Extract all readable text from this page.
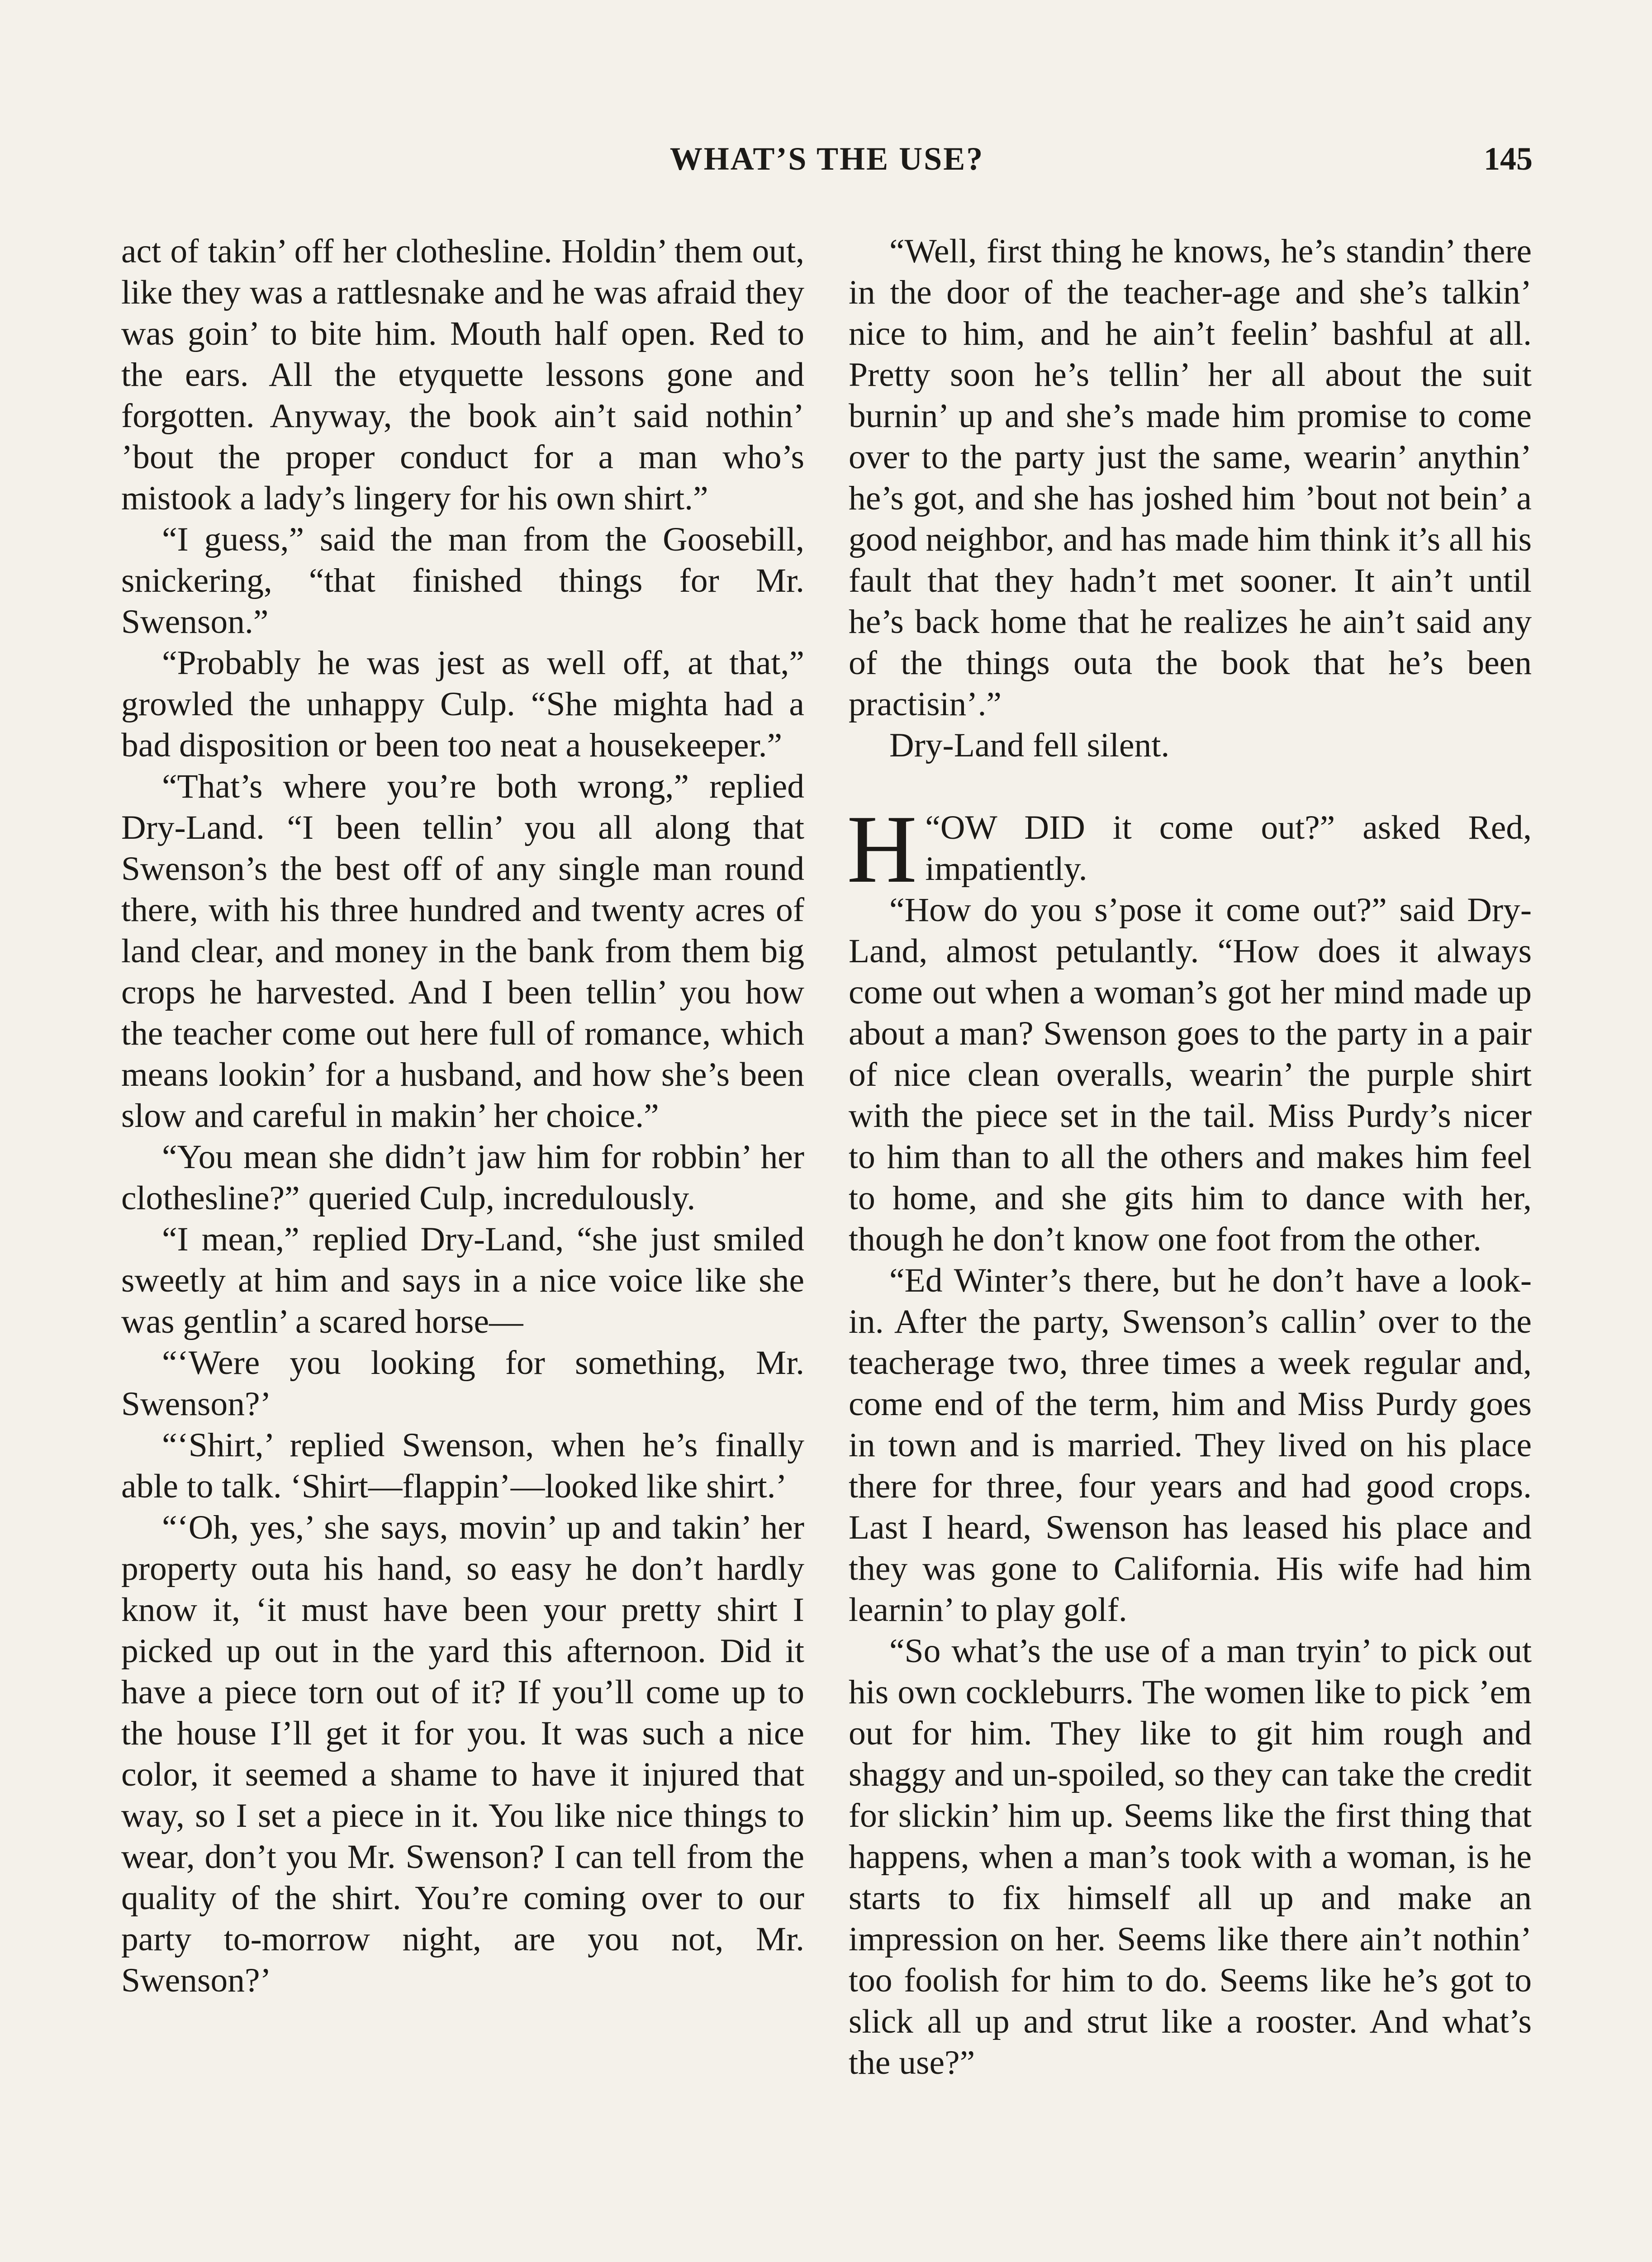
WHAT’S THE USE?	145

act of takin’ off her clothesline. Holdin’ them out, like they was a rattlesnake and he was afraid they was goin’ to bite him. Mouth half open. Red to the ears. All the etyquette lessons gone and forgotten. Anyway, the book ain’t said nothin’ ’bout the proper conduct for a man who’s mistook a lady’s lingery for his own shirt.”

“I guess,” said the man from the Goosebill, snickering, “that finished things for Mr. Swenson.”

“Probably he was jest as well off, at that,” growled the unhappy Culp. “She mighta had a bad disposition or been too neat a housekeeper.”

“That’s where you’re both wrong,” replied Dry-Land. “I been tellin’ you all along that Swenson’s the best off of any single man round there, with his three hundred and twenty acres of land clear, and money in the bank from them big crops he harvested. And I been tellin’ you how the teacher come out here full of romance, which means lookin’ for a husband, and how she’s been slow and careful in makin’ her choice.”

“You mean she didn’t jaw him for robbin’ her clothesline?” queried Culp, incredulously.

“I mean,” replied Dry-Land, “she just smiled sweetly at him and says in a nice voice like she was gentlin’ a scared horse—

“‘Were you looking for something, Mr. Swenson?’

“‘Shirt,’ replied Swenson, when he’s finally able to talk. ‘Shirt—flappin’—looked like shirt.’

“‘Oh, yes,’ she says, movin’ up and takin’ her property outa his hand, so easy he don’t hardly know it, ‘it must have been your pretty shirt I picked up out in the yard this afternoon. Did it have a piece torn out of it? If you’ll come up to the house I’ll get it for you. It was such a nice color, it seemed a shame to have it injured that way, so I set a piece in it. You like nice things to wear, don’t you Mr. Swenson? I can tell from the quality of the shirt. You’re coming over to our party to-morrow night, are you not, Mr. Swenson?’

“Well, first thing he knows, he’s standin’ there in the door of the teacher-age and she’s talkin’ nice to him, and he ain’t feelin’ bashful at all. Pretty soon he’s tellin’ her all about the suit burnin’ up and she’s made him promise to come over to the party just the same, wearin’ anythin’ he’s got, and she has joshed him ’bout not bein’ a good neighbor, and has made him think it’s all his fault that they hadn’t met sooner. It ain’t until he’s back home that he realizes he ain’t said any of the things outa the book that he’s been practisin’.”

Dry-Land fell silent.

“
H OW DID it come out?” asked Red, impatiently.

“How do you s’pose it come out?” said Dry-Land, almost petulantly. “How does it always come out when a woman’s got her mind made up about a man? Swenson goes to the party in a pair of nice clean overalls, wearin’ the purple shirt with the piece set in the tail. Miss Purdy’s nicer to him than to all the others and makes him feel to home, and she gits him to dance with her, though he don’t know one foot from the other.

“Ed Winter’s there, but he don’t have a look-in. After the party, Swenson’s callin’ over to the teacherage two, three times a week regular and, come end of the term, him and Miss Purdy goes in town and is married. They lived on his place there for three, four years and had good crops. Last I heard, Swenson has leased his place and they was gone to California. His wife had him learnin’ to play golf.

“So what’s the use of a man tryin’ to pick out his own cockleburrs. The women like to pick ’em out for him. They like to git him rough and shaggy and un-spoiled, so they can take the credit for slickin’ him up. Seems like the first thing that happens, when a man’s took with a woman, is he starts to fix himself all up and make an impression on her. Seems like there ain’t nothin’ too foolish for him to do. Seems like he’s got to slick all up and strut like a rooster. And what’s the use?”
